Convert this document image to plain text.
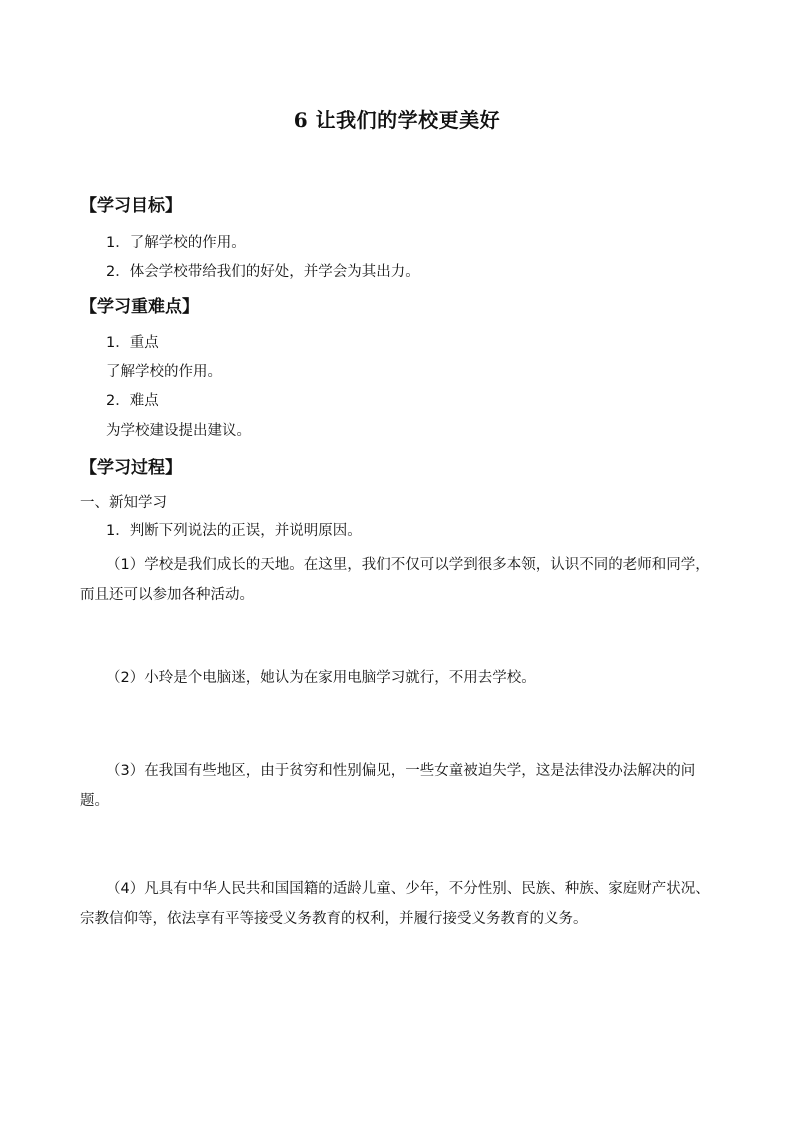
6 让我们的学校更美好
【学习目标】
1．了解学校的作用。
2．体会学校带给我们的好处，并学会为其出力。
【学习重难点】
1．重点
了解学校的作用。
2．难点
为学校建设提出建议。
【学习过程】
一、新知学习
1．判断下列说法的正误，并说明原因。
（1）学校是我们成长的天地。在这里，我们不仅可以学到很多本领，认识不同的老师和同学，而且还可以参加各种活动。
（2）小玲是个电脑迷，她认为在家用电脑学习就行，不用去学校。
（3）在我国有些地区，由于贫穷和性别偏见，一些女童被迫失学，这是法律没办法解决的问题。
（4）凡具有中华人民共和国国籍的适龄儿童、少年，不分性别、民族、种族、家庭财产状况、宗教信仰等，依法享有平等接受义务教育的权利，并履行接受义务教育的义务。
